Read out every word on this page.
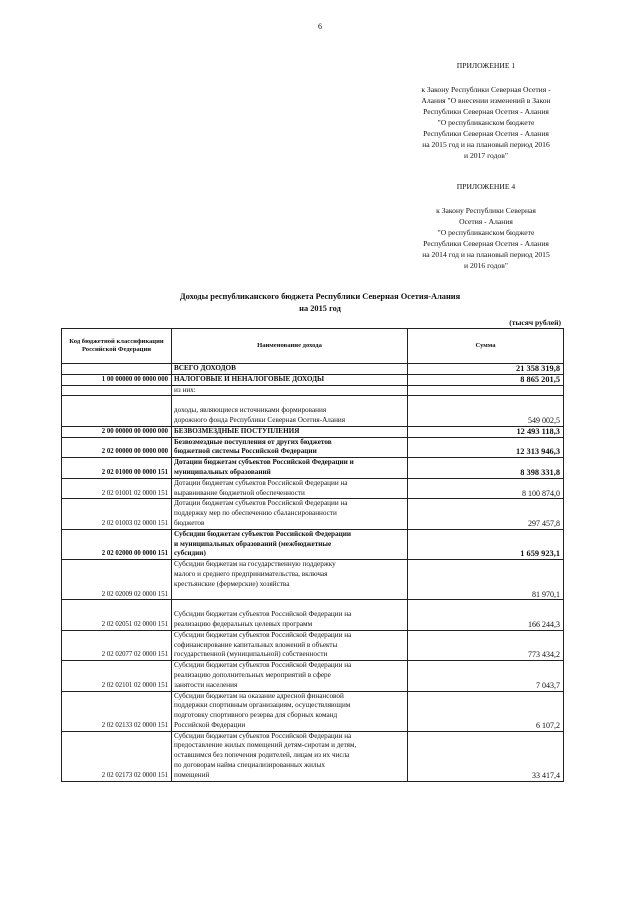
6
ПРИЛОЖЕНИЕ 1
к Закону Республики Северная Осетия -
Алания "О внесении изменений в Закон
Республики Северная Осетия - Алания
"О республиканском бюджете
Республики Северная Осетия - Алания
на 2015 год и на плановый период 2016
и 2017 годов"
ПРИЛОЖЕНИЕ 4
к Закону Республики Северная
Осетия - Алания
"О республиканском бюджете
Республики Северная Осетия - Алания
на 2014 год и на плановый период 2015
и 2016 годов"
Доходы республиканского бюджета Республики Северная Осетия-Алания
на 2015 год
(тысяч рублей)
Код бюджетной классификации Российской Федерации	Наименование дохода	Сумма
	ВСЕГО ДОХОДОВ	21 358 319,8
1 00 00000 00 0000 000	НАЛОГОВЫЕ И НЕНАЛОГОВЫЕ ДОХОДЫ	8 865 201,5
	из них:	

доходы, являющиеся источниками формирования
дорожного фонда Республики Северная Осетия-Алания	549 002,5
2 00 00000 00 0000 000	БЕЗВОЗМЕЗДНЫЕ ПОСТУПЛЕНИЯ	12 493 118,3
2 02 00000 00 0000 000	Безвозмездные поступления от других бюджетов
бюджетной системы Российской Федерации	12 313 946,3
2 02 01000 00 0000 151	Дотации бюджетам субъектов Российской Федерации и
муниципальных образований	8 398 331,8
2 02 01001 02 0000 151	Дотации бюджетам субъектов Российской Федерации на
выравнивание бюджетной обеспеченности	8 100 874,0
2 02 01003 02 0000 151	Дотации бюджетам субъектов Российской Федерации на
поддержку мер по обеспечению сбалансированности
бюджетов	297 457,8
2 02 02000 00 0000 151	Субсидии бюджетам субъектов Российской Федерации
и муниципальных образований (межбюджетные
субсидии)	1 659 923,1
2 02 02009 02 0000 151	Субсидии бюджетам на государственную поддержку
малого и среднего предпринимательства, включая
крестьянские (фермерские) хозяйства	81 970,1
2 02 02051 02 0000 151	
Субсидии бюджетам субъектов Российской Федерации на
реализацию федеральных целевых программ	166 244,3
2 02 02077 02 0000 151	Субсидии бюджетам субъектов Российской Федерации на
софинансирование капитальных вложений в объекты
государственной (муниципальной) собственности	773 434,2
2 02 02101 02 0000 151	Субсидии бюджетам субъектов Российской Федерации на
реализацию дополнительных мероприятий в сфере
занятости населения	7 043,7
2 02 02133 02 0000 151	Субсидии бюджетам на оказание адресной финансовой
поддержки спортивным организациям, осуществляющим
подготовку спортивного резерва для сборных команд
Российской Федерации	6 107,2
2 02 02173 02 0000 151	Субсидии бюджетам субъектов Российской Федерации на
предоставление жилых помещений детям-сиротам и детям,
оставшимся без попечения родителей, лицам из их числа
по договорам найма специализированных жилых
помещений	33 417,4
